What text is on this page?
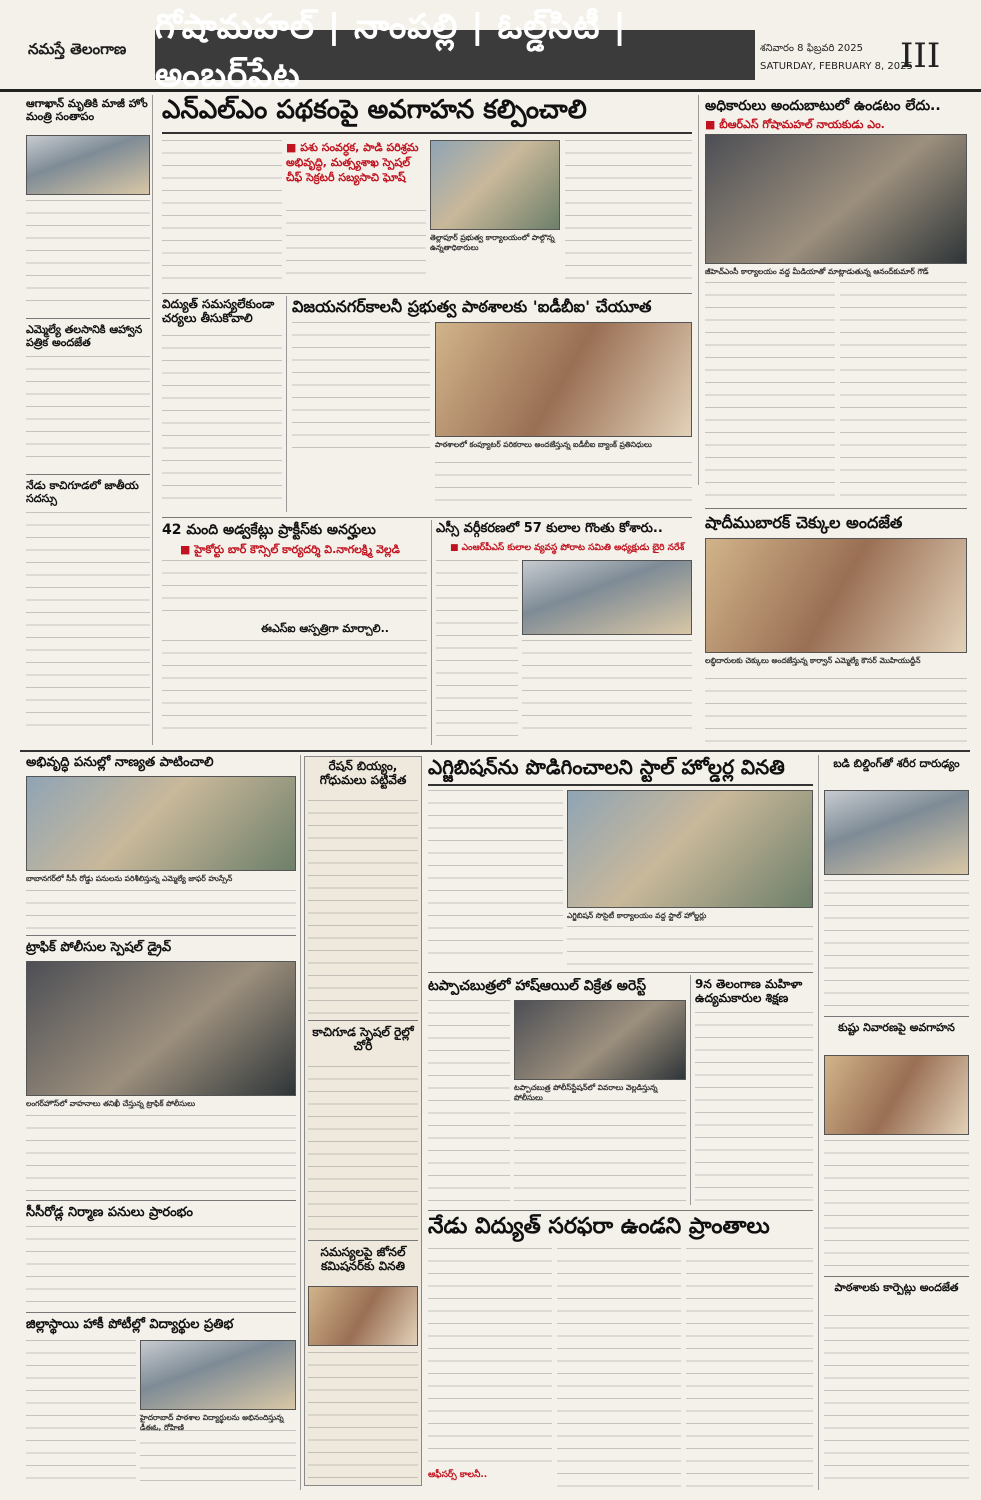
నమస్తే తెలంగాణ
గోషామహల్ | నాంపల్లి | ఓల్డ్‌సిటీ | అంబర్‌పేట
శనివారం 8 ఫిబ్రవరి 2025
SATURDAY, FEBRUARY 8, 2025
III
ఆగాఖాన్ మృతికి మాజీ హోం మంత్రి సంతాపం
ఎమ్మెల్యే తలసానికి ఆహ్వాన పత్రిక అందజేత
నేడు కాచిగూడలో జాతీయ సదస్సు
ఎన్ఎల్ఎం పథకంపై అవగాహన కల్పించాలి
■ పశు సంవర్ధక, పాడి పరిశ్రమ అభివృద్ధి, మత్స్యశాఖ స్పెషల్ చీఫ్ సెక్రటరీ సబ్యసాచి ఘోష్
తెల్లాపూర్ ప్రభుత్వ కార్యాలయంలో పాల్గొన్న ఉన్నతాధికారులు
అధికారులు అందుబాటులో ఉండటం లేదు..
■ బీఆర్ఎస్ గోషామహల్ నాయకుడు ఎం.
జీహెచ్ఎంసీ కార్యాలయం వద్ద మీడియాతో మాట్లాడుతున్న ఆనంద్‌కుమార్ గౌడ్
విద్యుత్ సమస్యలేకుండా చర్యలు తీసుకోవాలి
విజయనగర్‌కాలనీ ప్రభుత్వ పాఠశాలకు 'ఐడీబీఐ' చేయూత
పాఠశాలలో కంప్యూటర్ పరికరాలు అందజేస్తున్న ఐడీబీఐ బ్యాంక్ ప్రతినిధులు
42 మంది అడ్వకేట్లు ప్రాక్టీస్‌కు అనర్హులు
■ హైకోర్టు బార్ కౌన్సిల్ కార్యదర్శి వి.నాగలక్ష్మి వెల్లడి
ఈఎస్ఐ ఆస్పత్రిగా మార్చాలి..
ఎస్సీ వర్గీకరణలో 57 కులాల గొంతు కోశారు..
■ ఎంఆర్‌పీఎస్ కులాల వ్యవస్థ పోరాట సమితి అధ్యక్షుడు బైరి నరేశ్
షాదీముబారక్ చెక్కుల అందజేత
లబ్ధిదారులకు చెక్కులు అందజేస్తున్న కార్వాన్ ఎమ్మెల్యే కౌసర్ మొహియుద్దీన్
అభివృద్ధి పనుల్లో నాణ్యత పాటించాలి
బాబానగర్‌లో సీసీ రోడ్డు పనులను పరిశీలిస్తున్న ఎమ్మెల్యే జాఫర్ హుస్సేన్
ట్రాఫిక్ పోలీసుల స్పెషల్ డ్రైవ్
లంగర్‌హౌస్‌లో వాహనాలు తనిఖీ చేస్తున్న ట్రాఫిక్ పోలీసులు
సీసీరోడ్ల నిర్మాణ పనులు ప్రారంభం
జిల్లాస్థాయి హాకీ పోటీల్లో విద్యార్థుల ప్రతిభ
హైదరాబాద్ పాఠశాల విద్యార్థులను అభినందిస్తున్న డీఈఓ, రోహిణి
రేషన్ బియ్యం, గోధుమలు పట్టివేత
కాచిగూడ స్పెషల్ రైల్లో చోరీ
సమస్యలపై జోనల్ కమిషనర్‌కు వినతి
ఎగ్జిబిషన్‌ను పొడిగించాలని స్టాల్ హోల్డర్ల వినతి
ఎగ్జిబిషన్ సొసైటీ కార్యాలయం వద్ద స్టాల్ హోల్డర్లు
టప్పాచబుత్రలో హాష్‌ఆయిల్ విక్రేత అరెస్ట్
టప్పాచబుత్ర పోలీస్‌స్టేషన్‌లో వివరాలు వెల్లడిస్తున్న పోలీసులు
9న తెలంగాణ మహిళా ఉద్యమకారుల శిక్షణ
నేడు విద్యుత్ సరఫరా ఉండని ప్రాంతాలు
ఆఫీసర్స్ కాలనీ..
బడి బిల్డింగ్‌తో శరీర దారుఢ్యం
కుష్టు నివారణపై అవగాహన
పాఠశాలకు కార్పెట్లు అందజేత
